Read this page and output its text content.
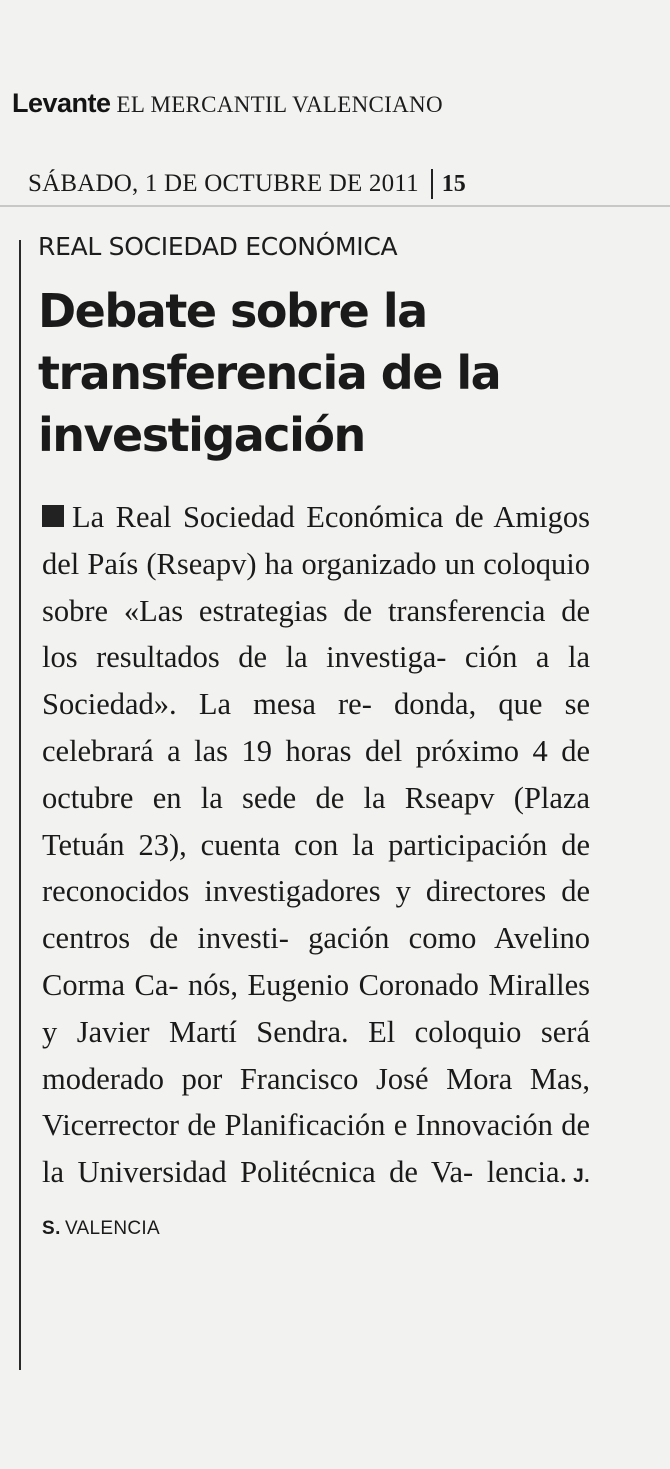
Levante EL MERCANTIL VALENCIANO
SÁBADO, 1 DE OCTUBRE DE 2011 15
REAL SOCIEDAD ECONÓMICA
Debate sobre la transferencia de la investigación

La Real Sociedad Económica de Amigos del País (Rseapv) ha organizado un coloquio sobre «Las estrategias de transferencia de los resultados de la investiga- ción a la Sociedad». La mesa re- donda, que se celebrará a las 19 horas del próximo 4 de octubre en la sede de la Rseapv (Plaza Tetuán 23), cuenta con la participación de reconocidos investigadores y directores de centros de investi- gación como Avelino Corma Ca- nós, Eugenio Coronado Miralles y Javier Martí Sendra. El coloquio será moderado por Francisco José Mora Mas, Vicerrector de Planificación e Innovación de la Universidad Politécnica de Va- lencia. J. S. VALENCIA
